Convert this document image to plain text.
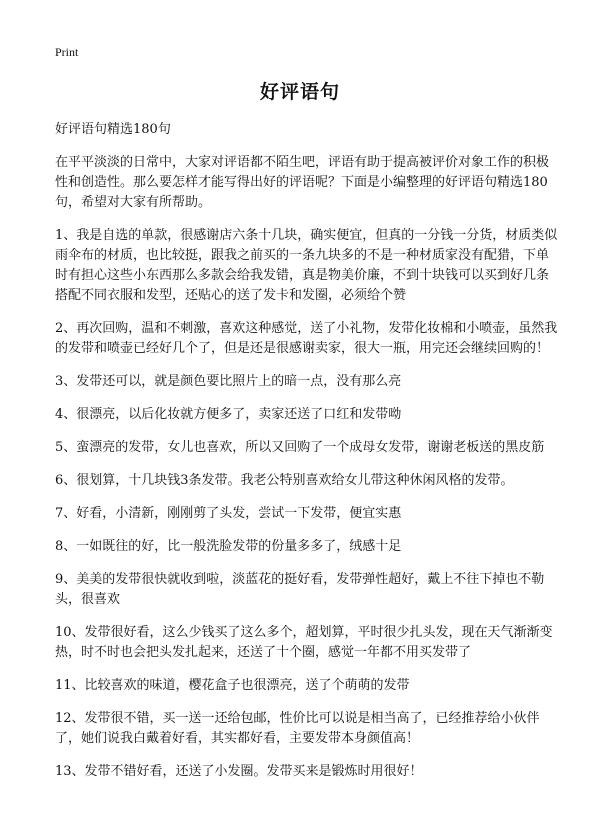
Print
好评语句

好评语句精选180句

在平平淡淡的日常中，大家对评语都不陌生吧，评语有助于提高被评价对象工作的积极性和创造性。那么要怎样才能写得出好的评语呢？下面是小编整理的好评语句精选180句，希望对大家有所帮助。

1、我是自选的单款，很感谢店六条十几块，确实便宜，但真的一分钱一分货，材质类似雨伞布的材质，也比较挺，跟我之前买的一条九块多的不是一种材质家没有配猎，下单时有担心这些小东西那么多款会给我发错，真是物美价廉，不到十块钱可以买到好几条搭配不同衣服和发型，还贴心的送了发卡和发圈，必须给个赞

2、再次回购，温和不刺激，喜欢这种感觉，送了小礼物，发带化妆棉和小喷壶，虽然我的发带和喷壶已经好几个了，但是还是很感谢卖家，很大一瓶，用完还会继续回购的！

3、发带还可以，就是颜色要比照片上的暗一点，没有那么亮

4、很漂亮，以后化妆就方便多了，卖家还送了口红和发带呦

5、蛮漂亮的发带，女儿也喜欢，所以又回购了一个成母女发带，谢谢老板送的黑皮筋

6、很划算，十几块钱3条发带。我老公特别喜欢给女儿带这种休闲风格的发带。

7、好看，小清新，刚刚剪了头发，尝试一下发带，便宜实惠

8、一如既往的好，比一般洗脸发带的份量多多了，绒感十足

9、美美的发带很快就收到啦，淡蓝花的挺好看，发带弹性超好，戴上不往下掉也不勒头，很喜欢

10、发带很好看，这么少钱买了这么多个，超划算，平时很少扎头发，现在天气渐渐变热，时不时也会把头发扎起来，还送了十个圈，感觉一年都不用买发带了

11、比较喜欢的味道，樱花盒子也很漂亮，送了个萌萌的发带

12、发带很不错，买一送一还给包邮，性价比可以说是相当高了，已经推荐给小伙伴了，她们说我白戴着好看，其实都好看，主要发带本身颜值高！

13、发带不错好看，还送了小发圈。发带买来是锻炼时用很好！
